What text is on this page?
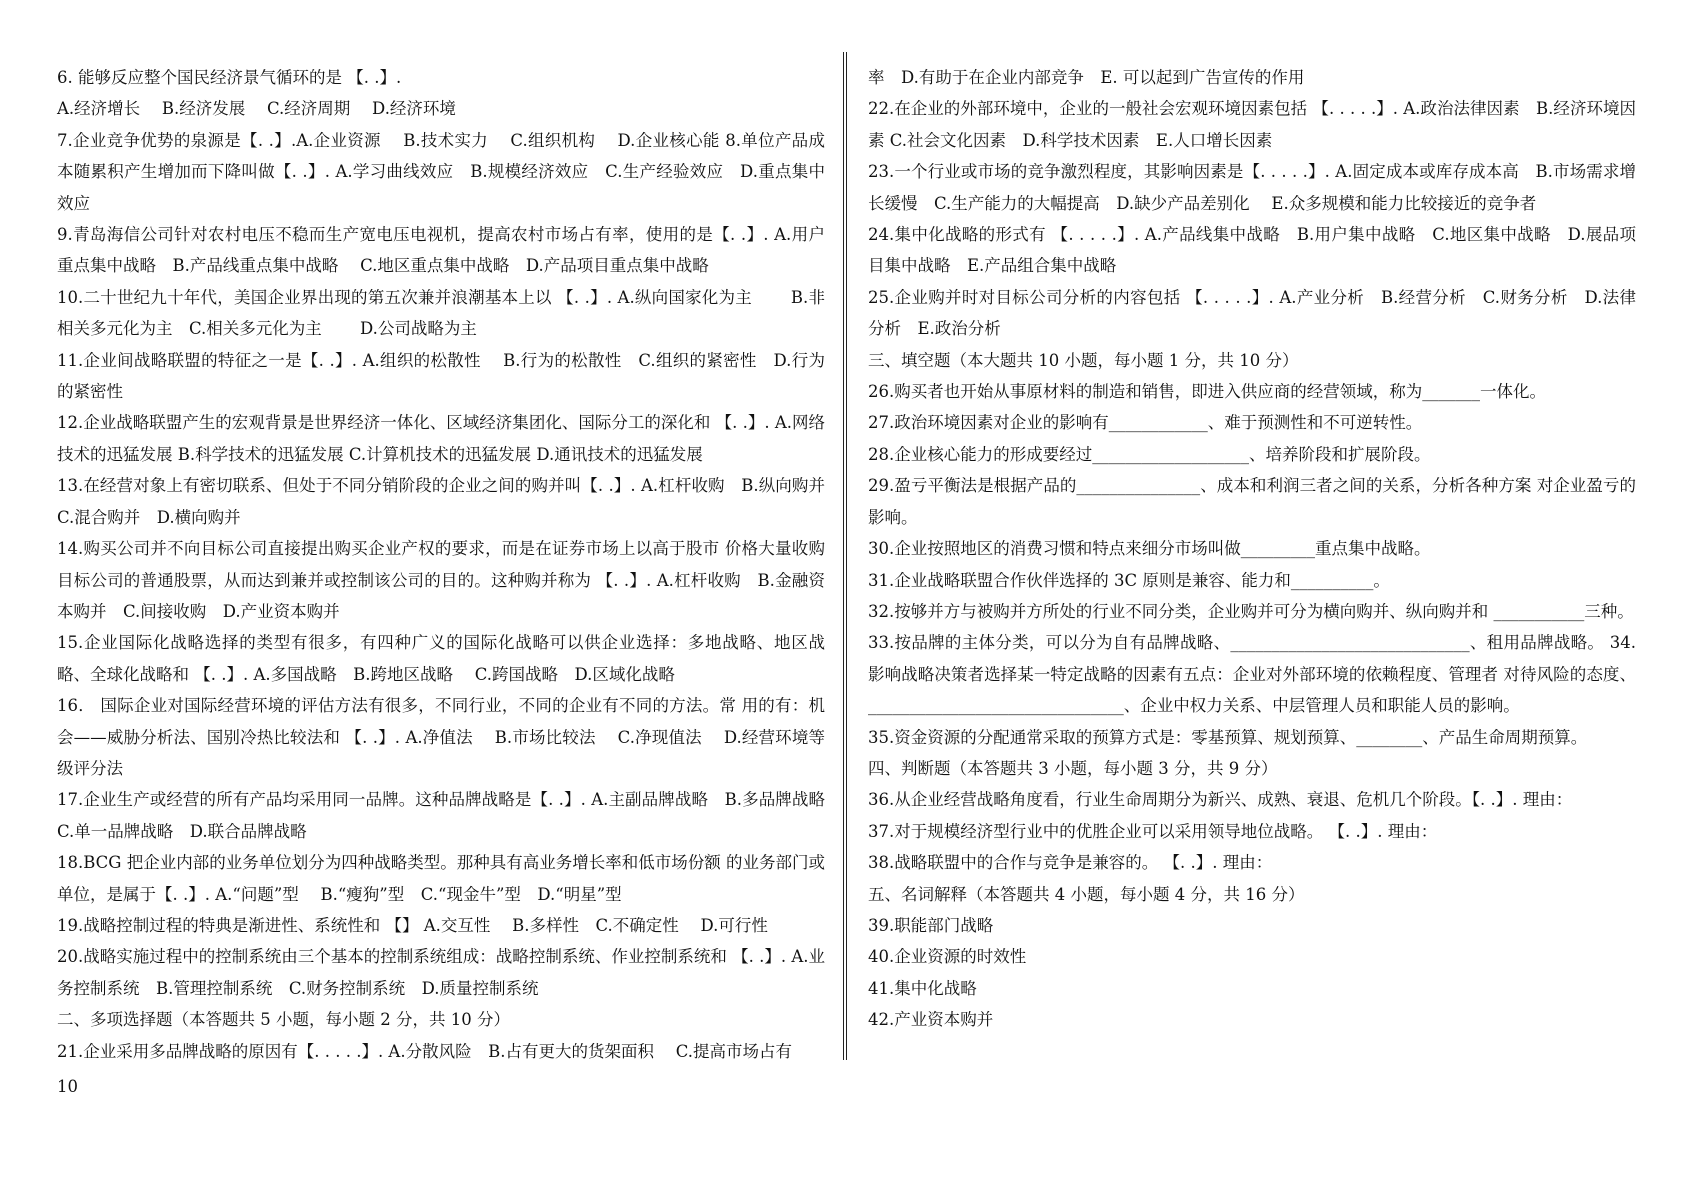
6. 能够反应整个国民经济景气循环的是 【. .】.

A.经济增长　 B.经济发展　 C.经济周期　 D.经济环境

7.企业竞争优势的泉源是【. .】.A.企业资源　 B.技术实力　 C.组织机构　 D.企业核心能 8.单位产品成本随累积产生增加而下降叫做【. .】. A.学习曲线效应　B.规模经济效应　C.生产经验效应　D.重点集中效应

9.青岛海信公司针对农村电压不稳而生产宽电压电视机，提高农村市场占有率，使用的是【. .】. A.用户重点集中战略　B.产品线重点集中战略　 C.地区重点集中战略　D.产品项目重点集中战略

10.二十世纪九十年代，美国企业界出现的第五次兼并浪潮基本上以 【. .】. A.纵向国家化为主　　 B.非相关多元化为主　C.相关多元化为主　　 D.公司战略为主

11.企业间战略联盟的特征之一是【. .】. A.组织的松散性　 B.行为的松散性　C.组织的紧密性　D.行为的紧密性

12.企业战略联盟产生的宏观背景是世界经济一体化、区域经济集团化、国际分工的深化和 【. .】. A.网络技术的迅猛发展 B.科学技术的迅猛发展 C.计算机技术的迅猛发展 D.通讯技术的迅猛发展

13.在经营对象上有密切联系、但处于不同分销阶段的企业之间的购并叫【. .】. A.杠杆收购　B.纵向购并　C.混合购并　D.横向购并

14.购买公司并不向目标公司直接提出购买企业产权的要求，而是在证券市场上以高于股市 价格大量收购目标公司的普通股票，从而达到兼并或控制该公司的目的。这种购并称为 【. .】. A.杠杆收购　B.金融资本购并　C.间接收购　D.产业资本购并

15.企业国际化战略选择的类型有很多，有四种广义的国际化战略可以供企业选择：多地战略、地区战略、全球化战略和 【. .】. A.多国战略　B.跨地区战略　 C.跨国战略　D.区域化战略

16． 国际企业对国际经营环境的评估方法有很多，不同行业，不同的企业有不同的方法。常 用的有：机会——威胁分析法、国别冷热比较法和 【. .】. A.净值法　 B.市场比较法　 C.净现值法　 D.经营环境等级评分法

17.企业生产或经营的所有产品均采用同一品牌。这种品牌战略是【. .】. A.主副品牌战略　B.多品牌战略　C.单一品牌战略　D.联合品牌战略

18.BCG 把企业内部的业务单位划分为四种战略类型。那种具有高业务增长率和低市场份额 的业务部门或单位，是属于【. .】. A.“问题”型　 B.“瘦狗”型　C.“现金牛”型　D.“明星”型

19.战略控制过程的特典是渐进性、系统性和 【】 A.交互性　 B.多样性　C.不确定性　 D.可行性

20.战略实施过程中的控制系统由三个基本的控制系统组成：战略控制系统、作业控制系统和 【. .】. A.业务控制系统　B.管理控制系统　C.财务控制系统　D.质量控制系统

二、多项选择题（本答题共 5 小题，每小题 2 分，共 10 分）

21.企业采用多品牌战略的原因有【. . . . .】. A.分散风险　B.占有更大的货架面积　 C.提高市场占有

率　D.有助于在企业内部竞争　E. 可以起到广告宣传的作用

22.在企业的外部环境中，企业的一般社会宏观环境因素包括 【. . . . .】. A.政治法律因素　B.经济环境因素 C.社会文化因素　D.科学技术因素　E.人口增长因素

23.一个行业或市场的竞争激烈程度，其影响因素是【. . . . .】. A.固定成本或库存成本高　B.市场需求增长缓慢　C.生产能力的大幅提高　D.缺少产品差别化　 E.众多规模和能力比较接近的竞争者

24.集中化战略的形式有 【. . . . .】. A.产品线集中战略　B.用户集中战略　C.地区集中战略　D.展品项目集中战略　E.产品组合集中战略

25.企业购并时对目标公司分析的内容包括 【. . . . .】. A.产业分析　B.经营分析　C.财务分析　D.法律分析　E.政治分析

三、填空题（本大题共 10 小题，每小题 1 分，共 10 分）

26.购买者也开始从事原材料的制造和销售，即进入供应商的经营领域，称为_______一体化。

27.政治环境因素对企业的影响有____________、难于预测性和不可逆转性。

28.企业核心能力的形成要经过___________________、培养阶段和扩展阶段。

29.盈亏平衡法是根据产品的_______________、成本和利润三者之间的关系，分析各种方案 对企业盈亏的影响。

30.企业按照地区的消费习惯和特点来细分市场叫做_________重点集中战略。

31.企业战略联盟合作伙伴选择的 3C 原则是兼容、能力和__________。

32.按够并方与被购并方所处的行业不同分类，企业购并可分为横向购并、纵向购并和 ___________三种。

33.按品牌的主体分类，可以分为自有品牌战略、_____________________________、租用品牌战略。 34.影响战略决策者选择某一特定战略的因素有五点：企业对外部环境的依赖程度、管理者 对待风险的态度、_______________________________、企业中权力关系、中层管理人员和职能人员的影响。

35.资金资源的分配通常采取的预算方式是：零基预算、规划预算、________、产品生命周期预算。

四、判断题（本答题共 3 小题，每小题 3 分，共 9 分）

36.从企业经营战略角度看，行业生命周期分为新兴、成熟、衰退、危机几个阶段。【. .】. 理由：

37.对于规模经济型行业中的优胜企业可以采用领导地位战略。 【. .】. 理由：

38.战略联盟中的合作与竞争是兼容的。 【. .】. 理由：

五、名词解释（本答题共 4 小题，每小题 4 分，共 16 分）

39.职能部门战略

40.企业资源的时效性

41.集中化战略

42.产业资本购并

10
